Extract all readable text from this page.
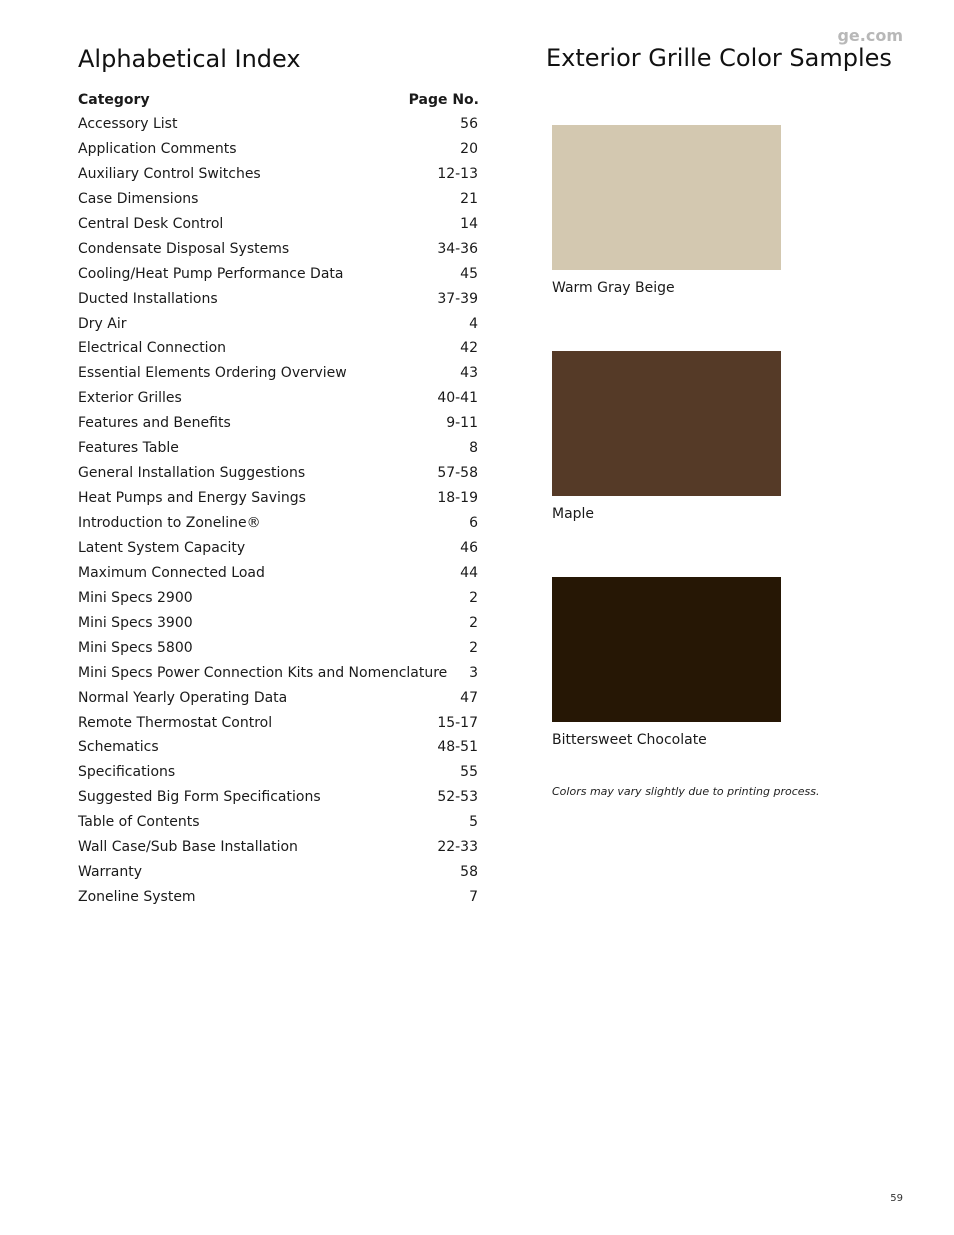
ge.com
Alphabetical Index	Exterior Grille Color Samples
Category	Page No.
Accessory List	56
Application Comments	20
Auxiliary Control Switches	12-13
Case Dimensions	21
Central Desk Control	14
Condensate Disposal Systems	34-36
Cooling/Heat Pump Performance Data	45
Ducted Installations	37-39
Dry Air	4
Electrical Connection	42
Essential Elements Ordering Overview	43
Exterior Grilles	40-41
Features and Benefits	9-11
Features Table	8
General Installation Suggestions	57-58
Heat Pumps and Energy Savings	18-19
Introduction to Zoneline®	6
Latent System Capacity	46
Maximum Connected Load	44
Mini Specs 2900	2
Mini Specs 3900	2
Mini Specs 5800	2
Mini Specs Power Connection Kits and Nomenclature 3
Normal Yearly Operating Data	47
Remote Thermostat Control	15-17
Schematics	48-51
Specifications	55
Suggested Big Form Specifications	52-53
Table of Contents	5
Wall Case/Sub Base Installation	22-33
Warranty	58
Zoneline System	7
Warm Gray Beige
Maple
Bittersweet Chocolate
Colors may vary slightly due to printing process.
59
